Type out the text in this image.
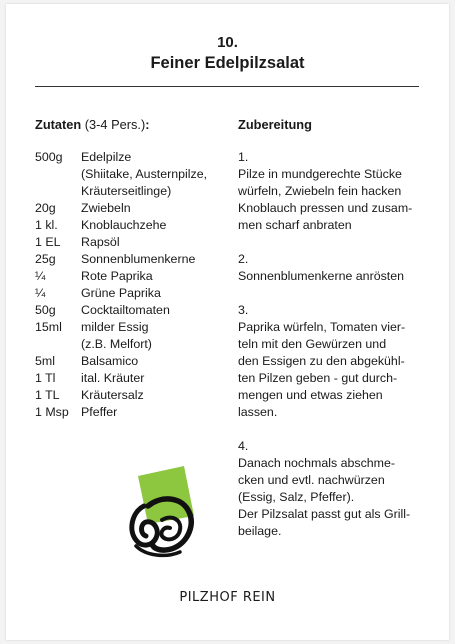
10.
Feiner Edelpilzsalat
Zutaten (3-4 Pers.):
500g	Edelpilze
(Shiitake, Austernpilze,
Kräuterseitlinge)
20g	Zwiebeln
1 kl.	Knoblauchzehe
1 EL	Rapsöl
25g	Sonnenblumenkerne
¼	Rote Paprika
¼	Grüne Paprika
50g	Cocktailtomaten
15ml	milder Essig
(z.B. Melfort)
5ml	Balsamico
1 Tl	ital. Kräuter
1 TL	Kräutersalz
1 Msp Pfeffer
Zubereitung
1.
Pilze in mundgerechte Stücke
würfeln, Zwiebeln fein hacken
Knoblauch pressen und zusam-
men scharf anbraten
2.
Sonnenblumenkerne anrösten
3.
Paprika würfeln, Tomaten vier-
teln mit den Gewürzen und
den Essigen zu den abgekühl-
ten Pilzen geben - gut durch-
mengen und etwas ziehen
lassen.
4.
Danach nochmals abschme-
cken und evtl. nachwürzen
(Essig, Salz, Pfeffer).
Der Pilzsalat passt gut als Grill-
beilage.
PILZHOF REIN
